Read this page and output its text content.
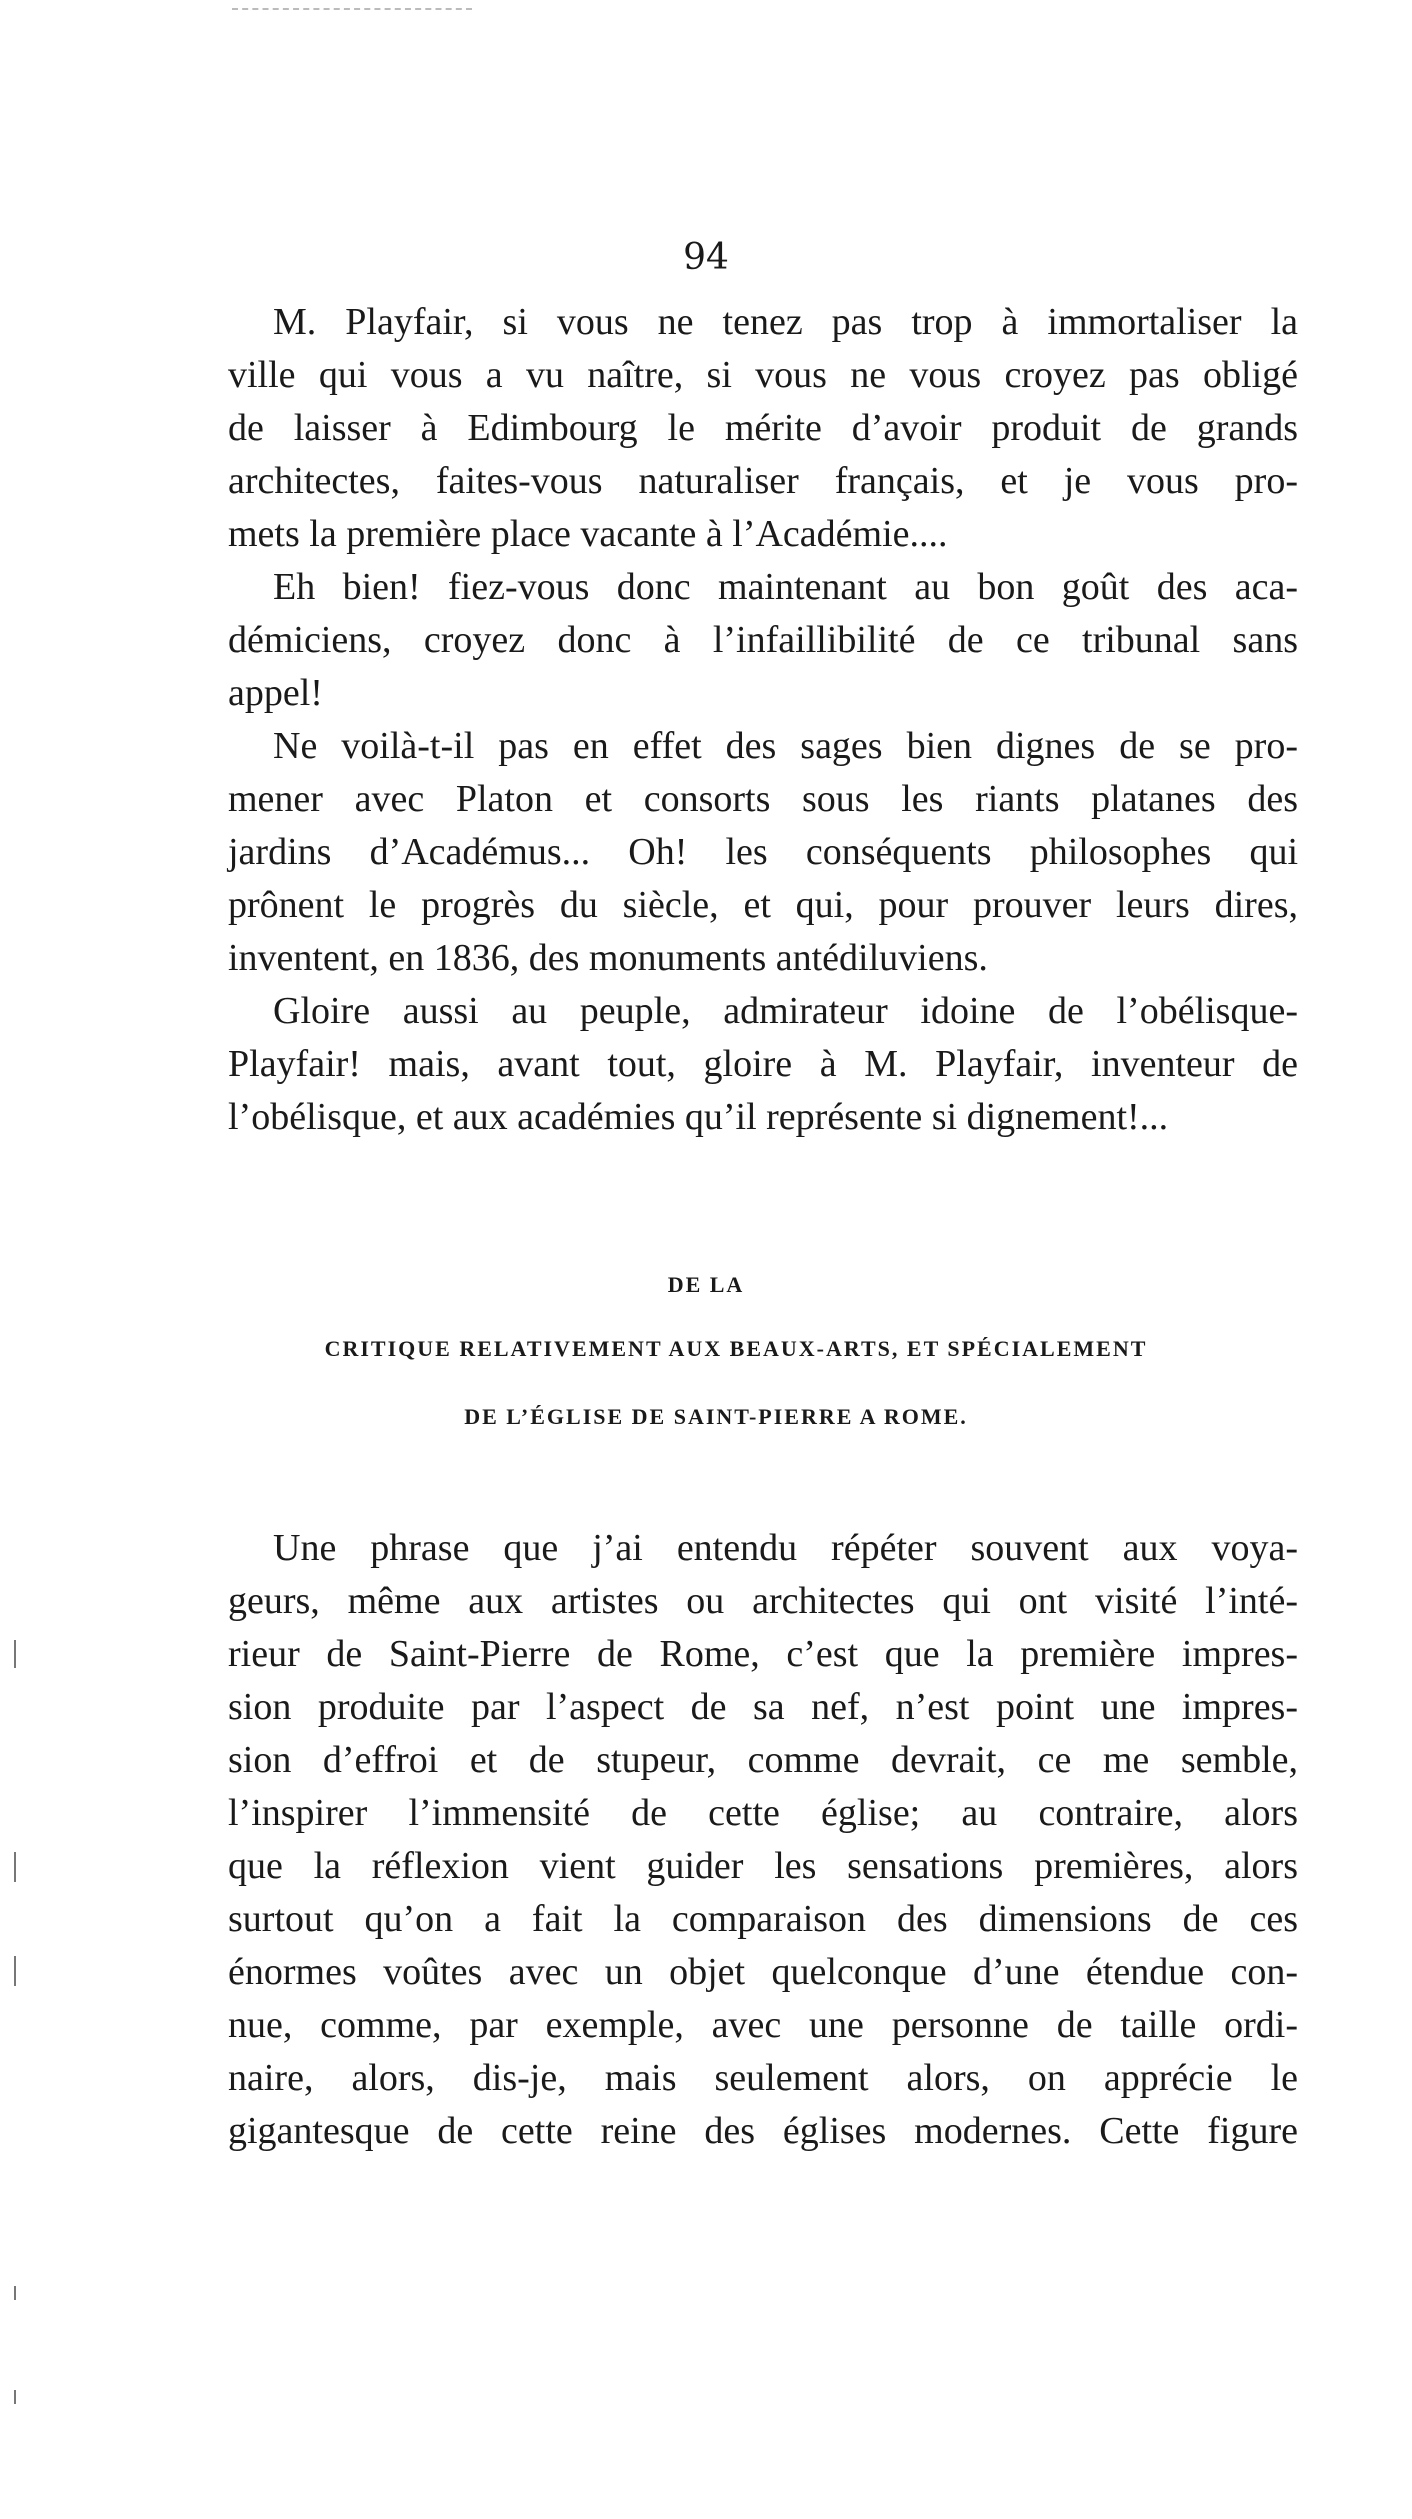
94

M. Playfair, si vous ne tenez pas trop à immortaliser la
ville qui vous a vu naître, si vous ne vous croyez pas obligé
de laisser à Edimbourg le mérite d’avoir produit de grands
architectes, faites-vous naturaliser français, et je vous pro-
mets la première place vacante à l’Académie....

Eh bien! fiez-vous donc maintenant au bon goût des aca-
démiciens, croyez donc à l’infaillibilité de ce tribunal sans
appel!

Ne voilà-t-il pas en effet des sages bien dignes de se pro-
mener avec Platon et consorts sous les riants platanes des
jardins d’Académus... Oh! les conséquents philosophes qui
prônent le progrès du siècle, et qui, pour prouver leurs dires,
inventent, en 1836, des monuments antédiluviens.

Gloire aussi au peuple, admirateur idoine de l’obélisque-
Playfair! mais, avant tout, gloire à M. Playfair, inventeur de
l’obélisque, et aux académies qu’il représente si dignement!...

DE LA
CRITIQUE RELATIVEMENT AUX BEAUX-ARTS, ET SPÉCIALEMENT
DE L’ÉGLISE DE SAINT-PIERRE A ROME.

Une phrase que j’ai entendu répéter souvent aux voya-
geurs, même aux artistes ou architectes qui ont visité l’inté-
rieur de Saint-Pierre de Rome, c’est que la première impres-
sion produite par l’aspect de sa nef, n’est point une impres-
sion d’effroi et de stupeur, comme devrait, ce me semble,
l’inspirer l’immensité de cette église; au contraire, alors
que la réflexion vient guider les sensations premières, alors
surtout qu’on a fait la comparaison des dimensions de ces
énormes voûtes avec un objet quelconque d’une étendue con-
nue, comme, par exemple, avec une personne de taille ordi-
naire, alors, dis-je, mais seulement alors, on apprécie le
gigantesque de cette reine des églises modernes. Cette figure
